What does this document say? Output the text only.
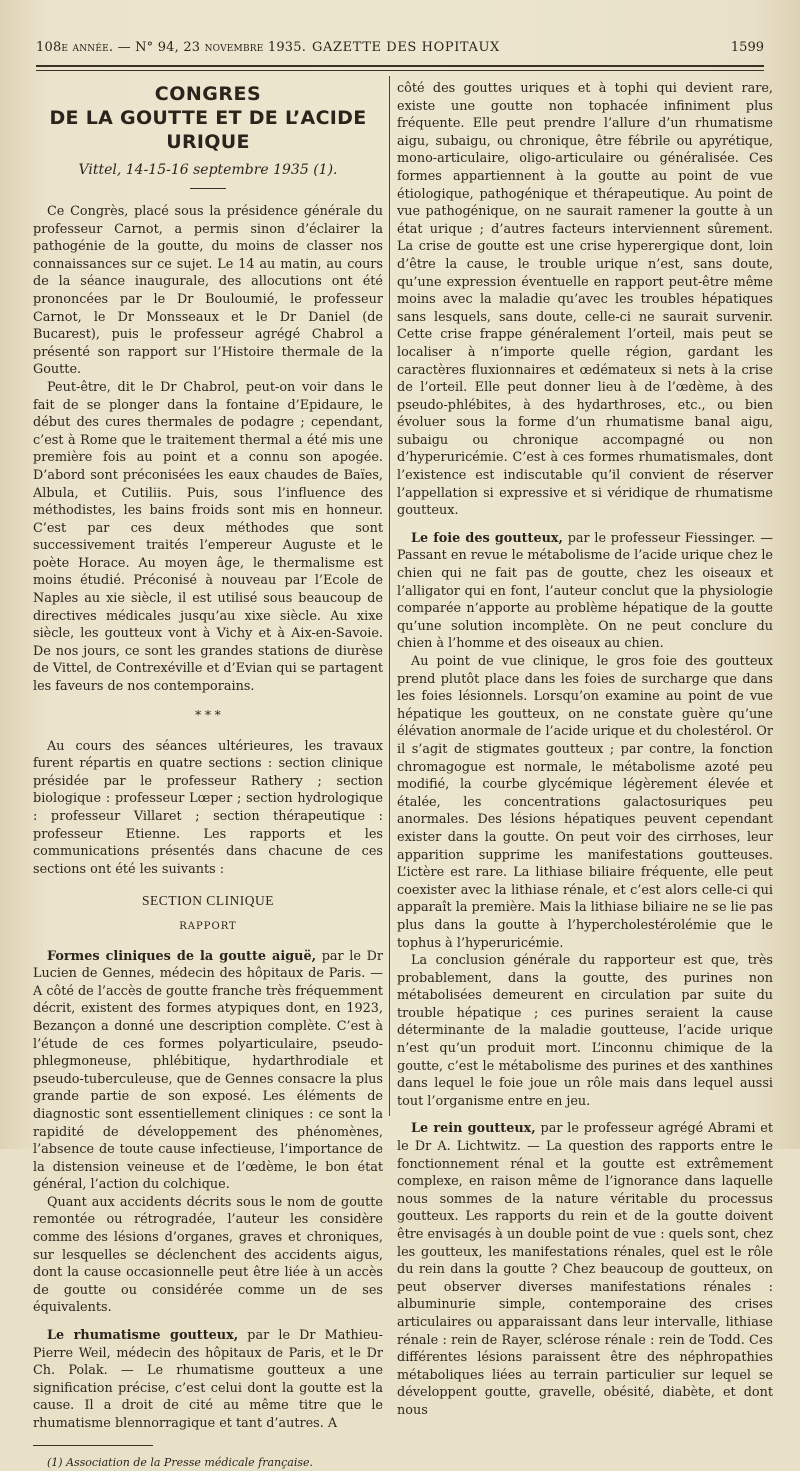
108e année. — N° 94, 23 novembre 1935. GAZETTE DES HOPITAUX	1599
CONGRES
DE LA GOUTTE ET DE L’ACIDE URIQUE
Vittel, 14-15-16 septembre 1935 (1).

Ce Congrès, placé sous la présidence générale du professeur Carnot, a permis sinon d’éclairer la pathogénie de la goutte, du moins de classer nos connaissances sur ce sujet. Le 14 au matin, au cours de la séance inaugurale, des allocutions ont été prononcées par le Dr Bouloumié, le professeur Carnot, le Dr Monsseaux et le Dr Daniel (de Bucarest), puis le professeur agrégé Chabrol a présenté son rapport sur l’Histoire thermale de la Goutte.

Peut-être, dit le Dr Chabrol, peut-on voir dans le fait de se plonger dans la fontaine d’Epidaure, le début des cures thermales de podagre ; cependant, c’est à Rome que le traitement thermal a été mis une première fois au point et a connu son apogée. D’abord sont préconisées les eaux chaudes de Baïes, Albula, et Cutiliis. Puis, sous l’influence des méthodistes, les bains froids sont mis en honneur. C’est par ces deux méthodes que sont successivement traités l’empereur Auguste et le poète Horace. Au moyen âge, le thermalisme est moins étudié. Préconisé à nouveau par l’Ecole de Naples au xie siècle, il est utilisé sous beaucoup de directives médicales jusqu’au xixe siècle. Au xixe siècle, les goutteux vont à Vichy et à Aix-en-Savoie. De nos jours, ce sont les grandes stations de diurèse de Vittel, de Contrexéville et d’Evian qui se partagent les faveurs de nos contemporains.

* * *

Au cours des séances ultérieures, les travaux furent répartis en quatre sections : section clinique présidée par le professeur Rathery ; section biologique : professeur Lœper ; section hydrologique : professeur Villaret ; section thérapeutique : professeur Etienne. Les rapports et les communications présentés dans chacune de ces sections ont été les suivants :

SECTION CLINIQUE
RAPPORT

Formes cliniques de la goutte aiguë, par le Dr Lucien de Gennes, médecin des hôpitaux de Paris. — A côté de l’accès de goutte franche très fréquemment décrit, existent des formes atypiques dont, en 1923, Bezançon a donné une description complète. C’est à l’étude de ces formes polyarticulaire, pseudo-phlegmoneuse, phlébitique, hydarthrodiale et pseudo-tuberculeuse, que de Gennes consacre la plus grande partie de son exposé. Les éléments de diagnostic sont essentiellement cliniques : ce sont la rapidité de développement des phénomènes, l’absence de toute cause infectieuse, l’importance de la distension veineuse et de l’œdème, le bon état général, l’action du colchique.

Quant aux accidents décrits sous le nom de goutte remontée ou rétrogradée, l’auteur les considère comme des lésions d’organes, graves et chroniques, sur lesquelles se déclenchent des accidents aigus, dont la cause occasionnelle peut être liée à un accès de goutte ou considérée comme un de ses équivalents.

Le rhumatisme goutteux, par le Dr Mathieu-Pierre Weil, médecin des hôpitaux de Paris, et le Dr Ch. Polak. — Le rhumatisme goutteux a une signification précise, c’est celui dont la goutte est la cause. Il a droit de cité au même titre que le rhumatisme blennorragique et tant d’autres. A

(1) Association de la Presse médicale française.

côté des gouttes uriques et à tophi qui devient rare, existe une goutte non tophacée infiniment plus fréquente. Elle peut prendre l’allure d’un rhumatisme aigu, subaigu, ou chronique, être fébrile ou apyrétique, mono-articulaire, oligo-articulaire ou généralisée. Ces formes appartiennent à la goutte au point de vue étiologique, pathogénique et thérapeutique. Au point de vue pathogénique, on ne saurait ramener la goutte à un état urique ; d’autres facteurs interviennent sûrement. La crise de goutte est une crise hyperergique dont, loin d’être la cause, le trouble urique n’est, sans doute, qu’une expression éventuelle en rapport peut-être même moins avec la maladie qu’avec les troubles hépatiques sans lesquels, sans doute, celle-ci ne saurait survenir. Cette crise frappe généralement l’orteil, mais peut se localiser à n’importe quelle région, gardant les caractères fluxionnaires et œdémateux si nets à la crise de l’orteil. Elle peut donner lieu à de l’œdème, à des pseudo-phlébites, à des hydarthroses, etc., ou bien évoluer sous la forme d’un rhumatisme banal aigu, subaigu ou chronique accompagné ou non d’hyperuricémie. C’est à ces formes rhumatismales, dont l’existence est indiscutable qu’il convient de réserver l’appellation si expressive et si véridique de rhumatisme goutteux.

Le foie des goutteux, par le professeur Fiessinger. — Passant en revue le métabolisme de l’acide urique chez le chien qui ne fait pas de goutte, chez les oiseaux et l’alligator qui en font, l’auteur conclut que la physiologie comparée n’apporte au problème hépatique de la goutte qu’une solution incomplète. On ne peut conclure du chien à l’homme et des oiseaux au chien.

Au point de vue clinique, le gros foie des goutteux prend plutôt place dans les foies de surcharge que dans les foies lésionnels. Lorsqu’on examine au point de vue hépatique les goutteux, on ne constate guère qu’une élévation anormale de l’acide urique et du cholestérol. Or il s’agit de stigmates goutteux ; par contre, la fonction chromagogue est normale, le métabolisme azoté peu modifié, la courbe glycémique légèrement élevée et étalée, les concentrations galactosuriques peu anormales. Des lésions hépatiques peuvent cependant exister dans la goutte. On peut voir des cirrhoses, leur apparition supprime les manifestations goutteuses. L’ictère est rare. La lithiase biliaire fréquente, elle peut coexister avec la lithiase rénale, et c’est alors celle-ci qui apparaît la première. Mais la lithiase biliaire ne se lie pas plus dans la goutte à l’hypercholestérolémie que le tophus à l’hyperuricémie.

La conclusion générale du rapporteur est que, très probablement, dans la goutte, des purines non métabolisées demeurent en circulation par suite du trouble hépatique ; ces purines seraient la cause déterminante de la maladie goutteuse, l’acide urique n’est qu’un produit mort. L’inconnu chimique de la goutte, c’est le métabolisme des purines et des xanthines dans lequel le foie joue un rôle mais dans lequel aussi tout l’organisme entre en jeu.

Le rein goutteux, par le professeur agrégé Abrami et le Dr A. Lichtwitz. — La question des rapports entre le fonctionnement rénal et la goutte est extrêmement complexe, en raison même de l’ignorance dans laquelle nous sommes de la nature véritable du processus goutteux. Les rapports du rein et de la goutte doivent être envisagés à un double point de vue : quels sont, chez les goutteux, les manifestations rénales, quel est le rôle du rein dans la goutte ? Chez beaucoup de goutteux, on peut observer diverses manifestations rénales : albuminurie simple, contemporaine des crises articulaires ou apparaissant dans leur intervalle, lithiase rénale : rein de Rayer, sclérose rénale : rein de Todd. Ces différentes lésions paraissent être des néphropathies métaboliques liées au terrain particulier sur lequel se développent goutte, gravelle, obésité, diabète, et dont nous
